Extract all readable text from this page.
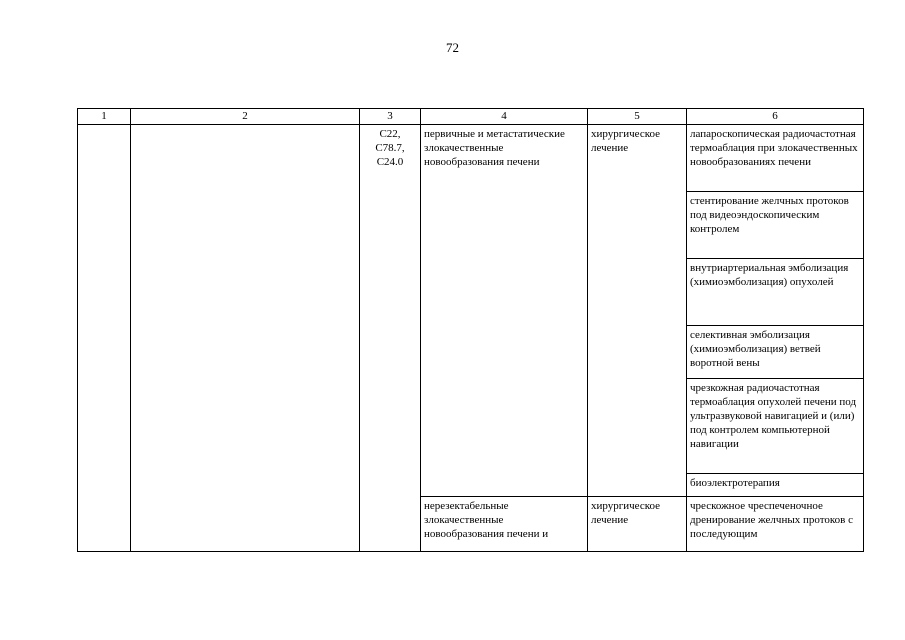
72
1	2	3	4	5	6
		C22,
C78.7,
C24.0	первичные и метастатические злокачественные новообразования печени	хирургическое лечение	лапароскопическая радиочастотная термоаблация при злокачественных новообразованиях печени
					стентирование желчных протоков под видеоэндоскопическим контролем
					внутриартериальная эмболизация (химиоэмболизация) опухолей
					селективная эмболизация (химиоэмболизация) ветвей воротной вены
					чрезкожная радиочастотная термоаблация опухолей печени под ультразвуковой навигацией и (или) под контролем компьютерной навигации
					биоэлектротерапия
			нерезектабельные злокачественные новообразования печени и	хирургическое лечение	чрескожное чреспеченочное дренирование желчных протоков с последующим
